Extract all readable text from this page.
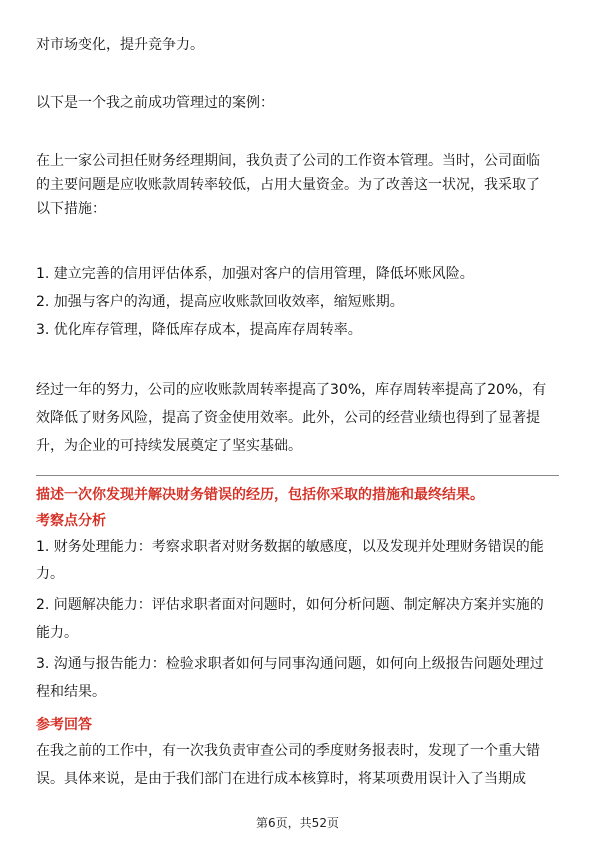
对市场变化，提升竞争力。
以下是一个我之前成功管理过的案例：
在上一家公司担任财务经理期间，我负责了公司的工作资本管理。当时，公司面临
的主要问题是应收账款周转率较低，占用大量资金。为了改善这一状况，我采取了
以下措施：
1. 建立完善的信用评估体系，加强对客户的信用管理，降低坏账风险。
2. 加强与客户的沟通，提高应收账款回收效率，缩短账期。
3. 优化库存管理，降低库存成本，提高库存周转率。
经过一年的努力，公司的应收账款周转率提高了30%，库存周转率提高了20%，有
效降低了财务风险，提高了资金使用效率。此外，公司的经营业绩也得到了显著提
升，为企业的可持续发展奠定了坚实基础。
描述一次你发现并解决财务错误的经历，包括你采取的措施和最终结果。
考察点分析
1. 财务处理能力：考察求职者对财务数据的敏感度，以及发现并处理财务错误的能
力。
2. 问题解决能力：评估求职者面对问题时，如何分析问题、制定解决方案并实施的
能力。
3. 沟通与报告能力：检验求职者如何与同事沟通问题，如何向上级报告问题处理过
程和结果。
参考回答
在我之前的工作中，有一次我负责审查公司的季度财务报表时，发现了一个重大错
误。具体来说，是由于我们部门在进行成本核算时，将某项费用误计入了当期成
第6页，共52页
